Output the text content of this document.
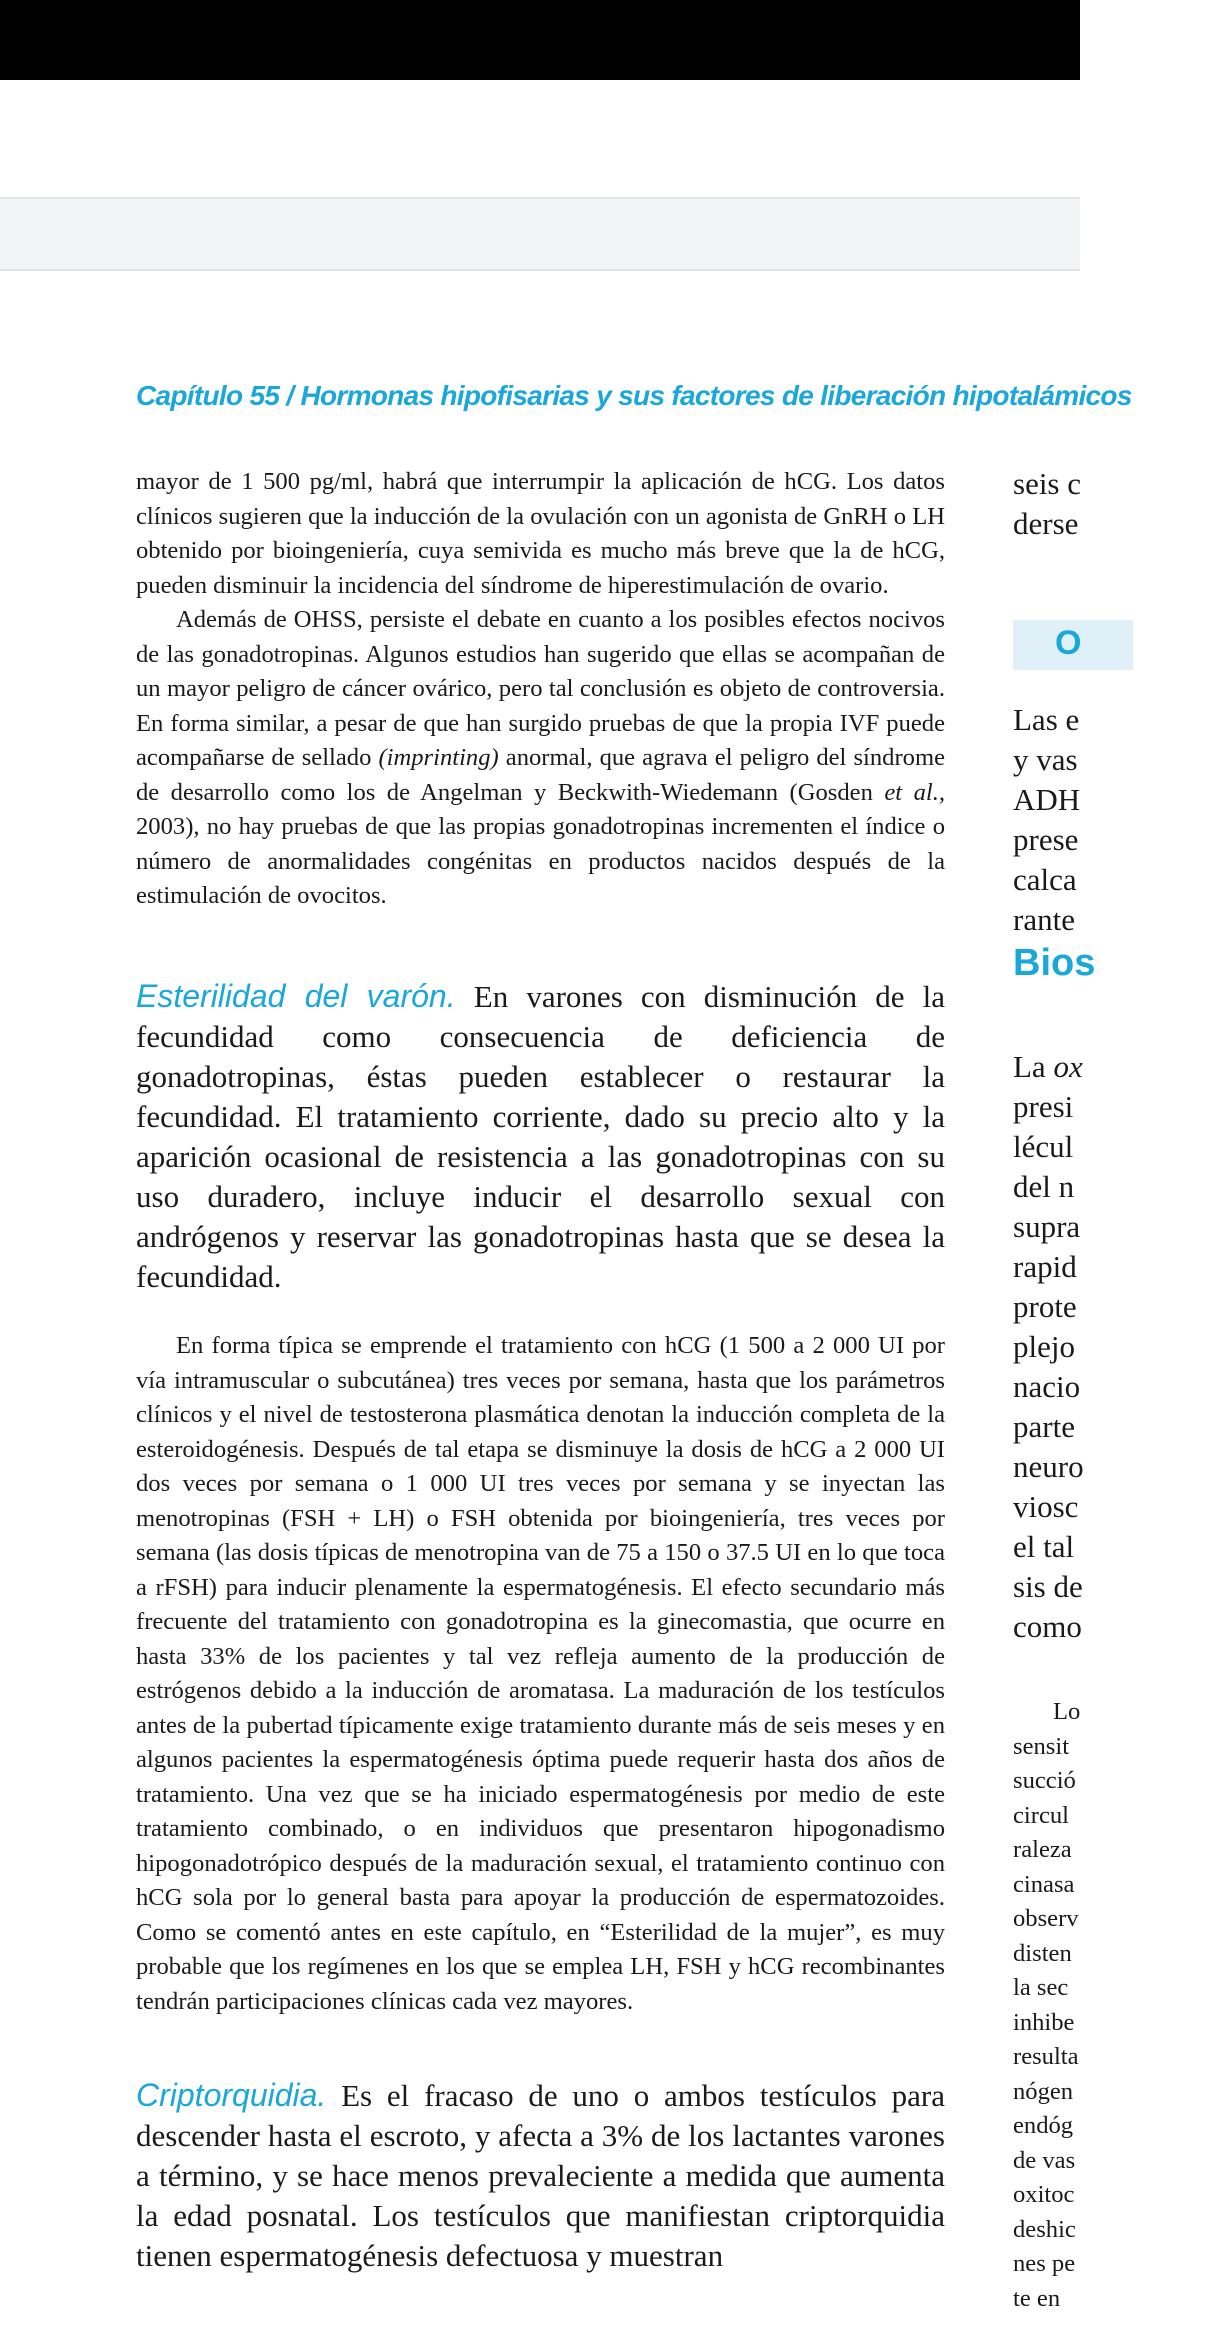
Capítulo 55 / Hormonas hipofisarias y sus factores de liberación hipotalámicos

mayor de 1 500 pg/ml, habrá que interrumpir la aplicación de hCG. Los datos clínicos sugieren que la inducción de la ovulación con un agonista de GnRH o LH obtenido por bioingeniería, cuya semivida es mucho más breve que la de hCG, pueden disminuir la incidencia del síndrome de hiperestimulación de ovario.

Además de OHSS, persiste el debate en cuanto a los posibles efectos nocivos de las gonadotropinas. Algunos estudios han sugerido que ellas se acompañan de un mayor peligro de cáncer ovárico, pero tal conclusión es objeto de controversia. En forma similar, a pesar de que han surgido pruebas de que la propia IVF puede acompañarse de sellado (imprinting) anormal, que agrava el peligro del síndrome de desarrollo como los de Angelman y Beckwith-Wiedemann (Gosden et al., 2003), no hay pruebas de que las propias gonadotropinas incrementen el índice o número de anormalidades congénitas en productos nacidos después de la estimulación de ovocitos.

Esterilidad del varón. En varones con disminución de la fecundidad como consecuencia de deficiencia de gonadotropinas, éstas pueden establecer o restaurar la fecundidad. El tratamiento corriente, dado su precio alto y la aparición ocasional de resistencia a las gonadotropinas con su uso duradero, incluye inducir el desarrollo sexual con andrógenos y reservar las gonadotropinas hasta que se desea la fecundidad.

En forma típica se emprende el tratamiento con hCG (1 500 a 2 000 UI por vía intramuscular o subcutánea) tres veces por semana, hasta que los parámetros clínicos y el nivel de testosterona plasmática denotan la inducción completa de la esteroidogénesis. Después de tal etapa se disminuye la dosis de hCG a 2 000 UI dos veces por semana o 1 000 UI tres veces por semana y se inyectan las menotropinas (FSH + LH) o FSH obtenida por bioingeniería, tres veces por semana (las dosis típicas de menotropina van de 75 a 150 o 37.5 UI en lo que toca a rFSH) para inducir plenamente la espermatogénesis. El efecto secundario más frecuente del tratamiento con gonadotropina es la ginecomastia, que ocurre en hasta 33% de los pacientes y tal vez refleja aumento de la producción de estrógenos debido a la inducción de aromatasa. La maduración de los testículos antes de la pubertad típicamente exige tratamiento durante más de seis meses y en algunos pacientes la espermatogénesis óptima puede requerir hasta dos años de tratamiento. Una vez que se ha iniciado espermatogénesis por medio de este tratamiento combinado, o en individuos que presentaron hipogonadismo hipogonadotrópico después de la maduración sexual, el tratamiento continuo con hCG sola por lo general basta para apoyar la producción de espermatozoides. Como se comentó antes en este capítulo, en “Esterilidad de la mujer”, es muy probable que los regímenes en los que se emplea LH, FSH y hCG recombinantes tendrán participaciones clínicas cada vez mayores.

Criptorquidia. Es el fracaso de uno o ambos testículos para descender hasta el escroto, y afecta a 3% de los lactantes varones a término, y se hace menos prevaleciente a medida que aumenta la edad posnatal. Los testículos que manifiestan criptorquidia tienen espermatogénesis defectuosa y muestran

seis c

derse

O

Las e

y vas

ADH

prese

calca

rante

Bios

La ox

presi

lécul

del n

supra

rapid

prote

plejo

nacio

parte

neuro

viosc

el tal

sis de

como

Lo

sensit

succió

circul

raleza

cinasa

observ

disten

la sec

inhibe

resulta

nógen

endóg

de vas

oxitoc

deshic

nes pe

te en
